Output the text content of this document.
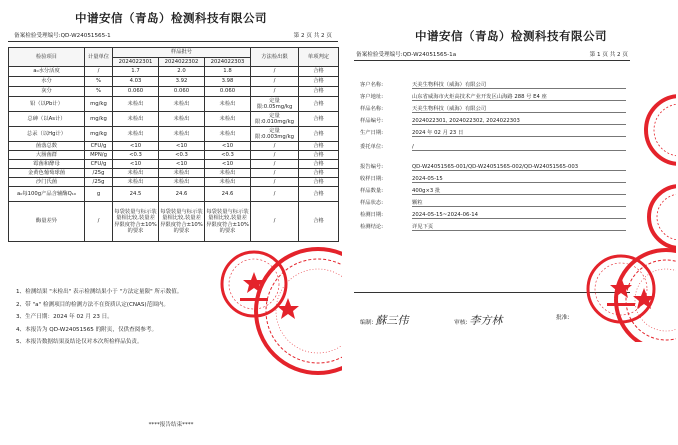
中谱安信（青岛）检测科技有限公司
备案检验受理编号:QD-W24051565-1	第 2 页 共 2 页
检验项目	计量单位	样品批号			方法检出限	单项判定
		2024022301	2024022302	2024022303		
a₀水分活度	/	1.7	2.0	1.8	/	合格
水分	%	4.03	3.92	3.98	/	合格
灰分	%	0.060	0.060	0.060	/	合格
铅（以Pb计）	mg/kg	未检出	未检出	未检出	定量限:0.05mg/kg	合格
总砷（以As计）	mg/kg	未检出	未检出	未检出	定量限:0.010mg/kg	合格
总汞（以Hg计）	mg/kg	未检出	未检出	未检出	定量限:0.003mg/kg	合格
菌落总数	CFU/g	<10	<10	<10	/	合格
大肠菌群	MPN/g	<0.3	<0.3	<0.3	/	合格
霉菌和酵母	CFU/g	<10	<10	<10	/	合格
金黄色葡萄球菌	/25g	未检出	未检出	未检出	/	合格
沙门氏菌	/25g	未检出	未检出	未检出	/	合格
a₀每100g产品含辅酶Q₁₀	g	24.5	24.6	24.6	/	合格
酶量差异	/	每袋装量与标示装量相比较,装量差异限度符合±10%的要求	每袋装量与标示装量相比较,装量差异限度符合±10%的要求	每袋装量与标示装量相比较,装量差异限度符合±10%的要求	/	合格
1、检测结果 "未检出" 表示检测结果小于 "方法定量限" 所示数值。
2、带 "a" 检测项目的检测方法不在资质认定(CNAS)范围内。
3、生产日期：2024 年 02 月 23 日。
4、本报告为 QD-W24051565 的附页，仅供查阅参考。
5、本报告数据结果及结论仅对本次所检样品负责。
****报告结束****
中谱安信（青岛）检测科技有限公司
备案检验受理编号:QD-W24051565-1a	第 1 页 共 2 页
客户名称:	天美生物科技（威海）有限公司
客户地址:	山东省威海市火炬高技术产业开发区山海路 288 号 E4 座
样品名称:	天美生物科技（威海）有限公司
样品编号:	2024022301, 2024022302, 2024022303
生产日期:	2024 年 02 月 23 日
委托单位:	/
报告编号:	QD-W24051565-001/QD-W24051565-002/QD-W24051565-003
收样日期:	2024-05-15
样品数量:	400g×3 批
样品状态:	颗粒
检测日期:	2024-05-15~2024-06-14
检测结论:	详见下页
编制: 蘇三伟	审核: 李方林	批准:
